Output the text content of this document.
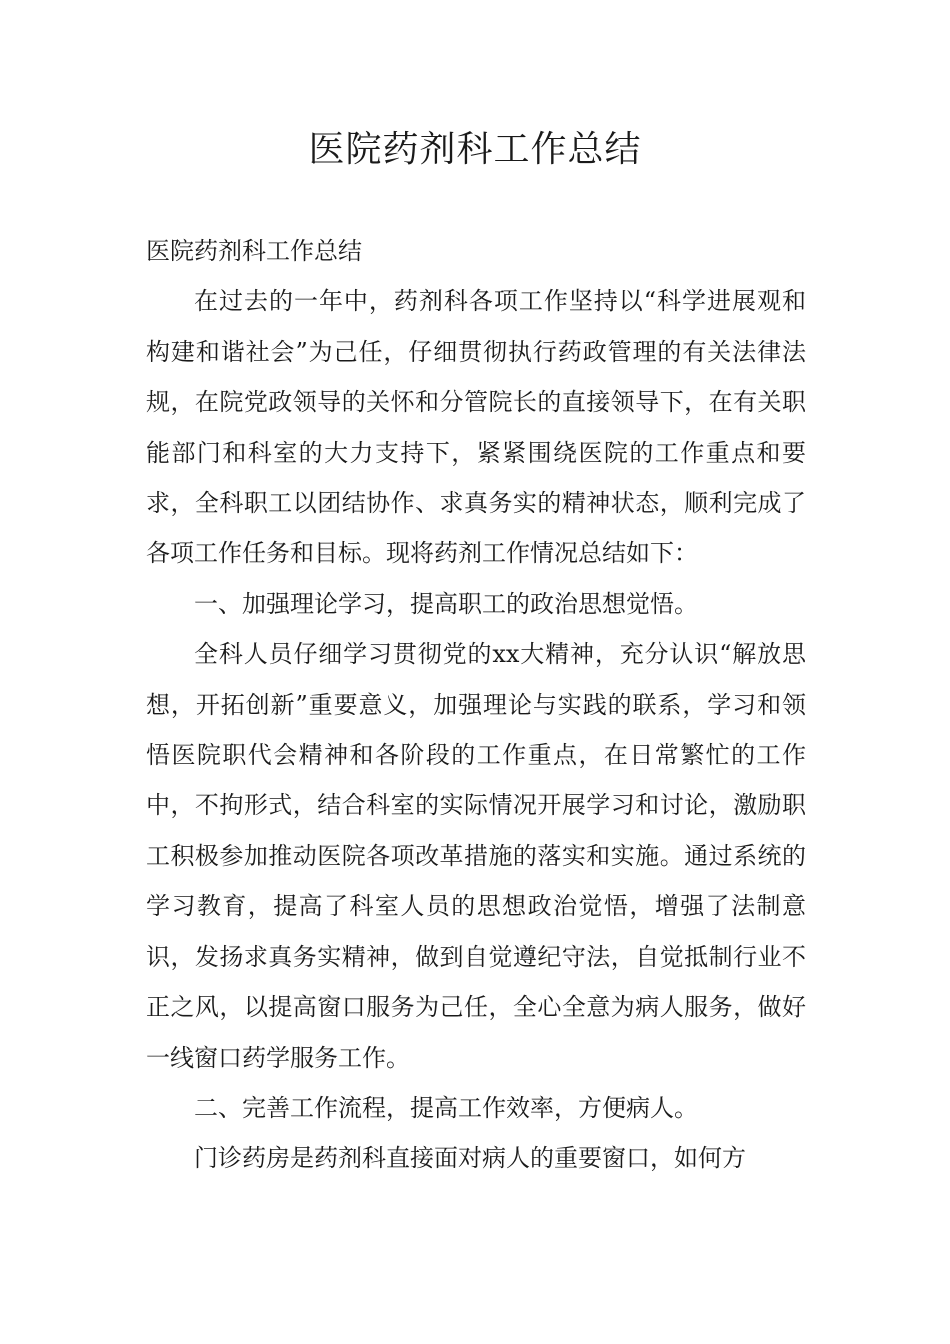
医院药剂科工作总结

医院药剂科工作总结

在过去的一年中，药剂科各项工作坚持以“科学进展观和构建和谐社会”为己任，仔细贯彻执行药政管理的有关法律法规，在院党政领导的关怀和分管院长的直接领导下，在有关职能部门和科室的大力支持下，紧紧围绕医院的工作重点和要求，全科职工以团结协作、求真务实的精神状态，顺利完成了各项工作任务和目标。现将药剂工作情况总结如下：

一、加强理论学习，提高职工的政治思想觉悟。

全科人员仔细学习贯彻党的xx大精神，充分认识“解放思想，开拓创新”重要意义，加强理论与实践的联系，学习和领悟医院职代会精神和各阶段的工作重点，在日常繁忙的工作中，不拘形式，结合科室的实际情况开展学习和讨论，激励职工积极参加推动医院各项改革措施的落实和实施。通过系统的学习教育，提高了科室人员的思想政治觉悟，增强了法制意识，发扬求真务实精神，做到自觉遵纪守法，自觉抵制行业不正之风，以提高窗口服务为己任，全心全意为病人服务，做好一线窗口药学服务工作。

二、完善工作流程，提高工作效率，方便病人。

门诊药房是药剂科直接面对病人的重要窗口，如何方
